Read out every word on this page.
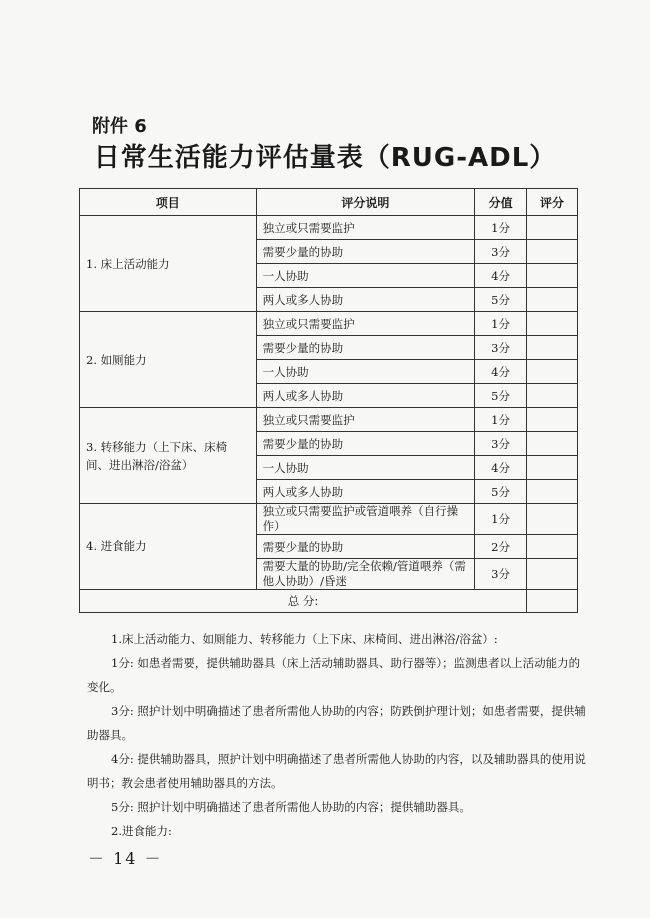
附件 6
日常生活能力评估量表（RUG-ADL）
项目	评分说明	分值	评分
1. 床上活动能力	独立或只需要监护	1分	
	需要少量的协助	3分	
	一人协助	4分	
	两人或多人协助	5分	
2. 如厕能力	独立或只需要监护	1分	
	需要少量的协助	3分	
	一人协助	4分	
	两人或多人协助	5分	
3. 转移能力（上下床、床椅间、进出淋浴/浴盆）	独立或只需要监护	1分	
	需要少量的协助	3分	
	一人协助	4分	
	两人或多人协助	5分	
4. 进食能力	独立或只需要监护或管道喂养（自行操作）	1分	
	需要少量的协助	2分	
	需要大量的协助/完全依赖/管道喂养（需他人协助）/昏迷	3分	
总 分:			

1.床上活动能力、如厕能力、转移能力（上下床、床椅间、进出淋浴/浴盆）:

1分: 如患者需要，提供辅助器具（床上活动辅助器具、助行器等）；监测患者以上活动能力的变化。

3分: 照护计划中明确描述了患者所需他人协助的内容；防跌倒护理计划；如患者需要，提供辅助器具。

4分: 提供辅助器具，照护计划中明确描述了患者所需他人协助的内容，以及辅助器具的使用说明书；教会患者使用辅助器具的方法。

5分: 照护计划中明确描述了患者所需他人协助的内容；提供辅助器具。

2.进食能力:

－ 14 －
